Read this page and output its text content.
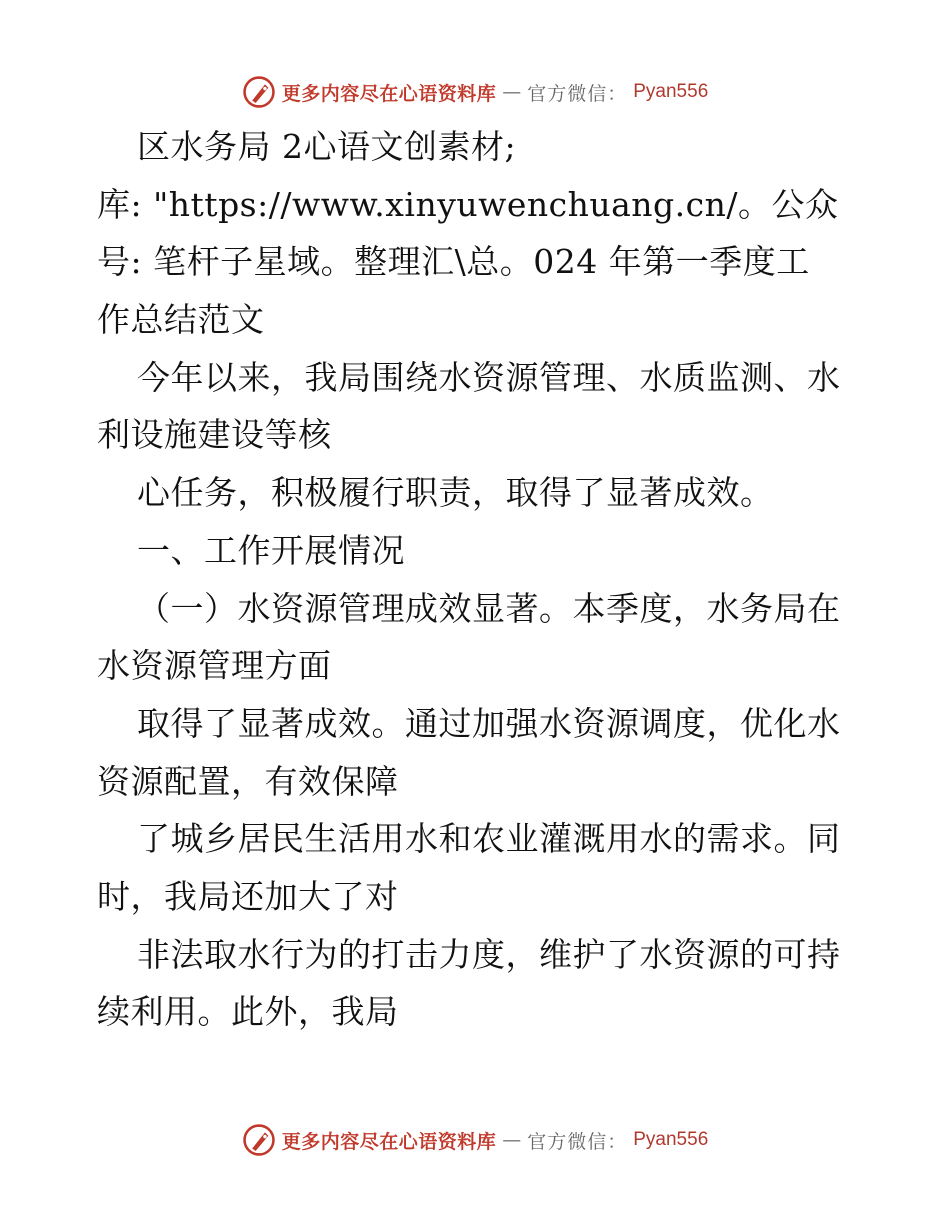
更多内容尽在心语资料库 — 官方微信： Pyan556
区水务局 2心语文创素材;
库: "https://www.xinyuwenchuang.cn/。公众
号: 笔杆子星域。整理汇\总。024 年第一季度工
作总结范文
今年以来，我局围绕水资源管理、水质监测、水
利设施建设等核
心任务，积极履行职责，取得了显著成效。
一、工作开展情况
（一）水资源管理成效显著。本季度，水务局在
水资源管理方面
取得了显著成效。通过加强水资源调度，优化水
资源配置，有效保障
了城乡居民生活用水和农业灌溉用水的需求。同
时，我局还加大了对
非法取水行为的打击力度，维护了水资源的可持
续利用。此外，我局
更多内容尽在心语资料库 — 官方微信： Pyan556
